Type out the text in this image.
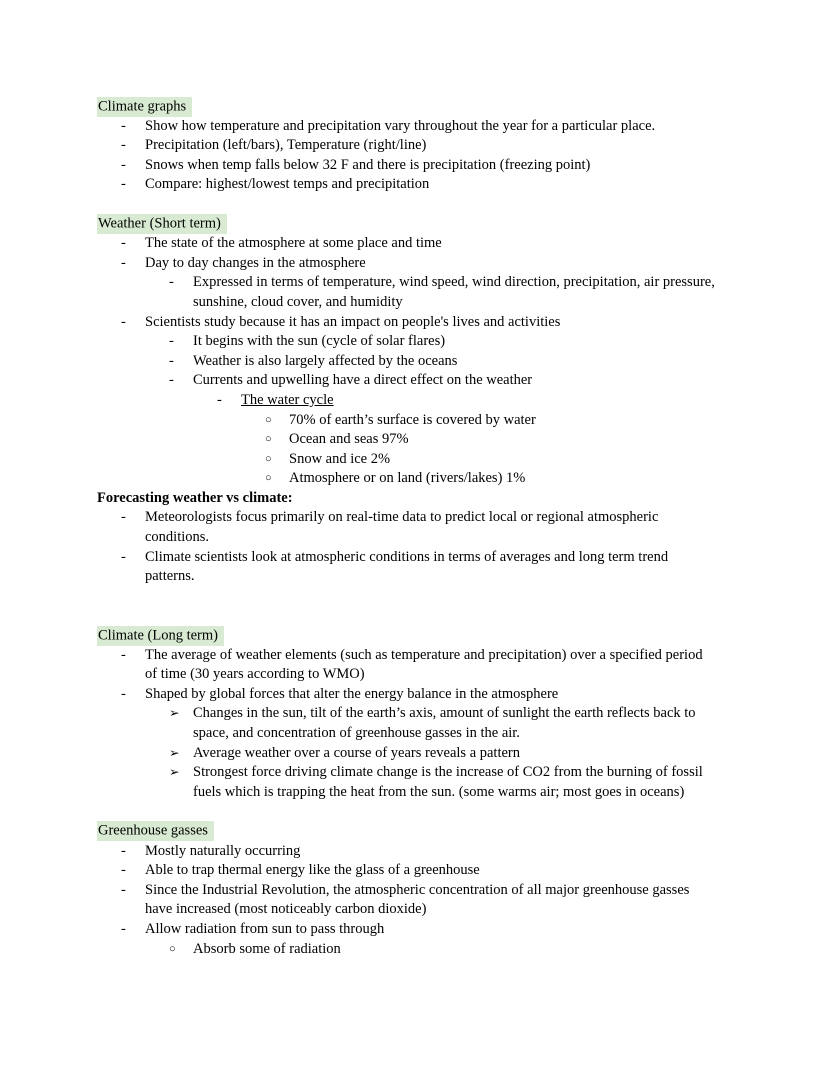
Climate graphs
- Show how temperature and precipitation vary throughout the year for a particular place.
- Precipitation (left/bars), Temperature (right/line)
- Snows when temp falls below 32 F and there is precipitation (freezing point)
- Compare: highest/lowest temps and precipitation
Weather (Short term)
- The state of the atmosphere at some place and time
- Day to day changes in the atmosphere
- Expressed in terms of temperature, wind speed, wind direction, precipitation, air pressure,
sunshine, cloud cover, and humidity
- Scientists study because it has an impact on people's lives and activities
- It begins with the sun (cycle of solar flares)
- Weather is also largely affected by the oceans
- Currents and upwelling have a direct effect on the weather
- The water cycle
○ 70% of earth’s surface is covered by water
○ Ocean and seas 97%
○ Snow and ice 2%
○ Atmosphere or on land (rivers/lakes) 1%
Forecasting weather vs climate:
- Meteorologists focus primarily on real-time data to predict local or regional atmospheric
conditions.
- Climate scientists look at atmospheric conditions in terms of averages and long term trend
patterns.
Climate (Long term)
- The average of weather elements (such as temperature and precipitation) over a specified period
of time (30 years according to WMO)
- Shaped by global forces that alter the energy balance in the atmosphere
➢ Changes in the sun, tilt of the earth’s axis, amount of sunlight the earth reflects back to
space, and concentration of greenhouse gasses in the air.
➢ Average weather over a course of years reveals a pattern
➢ Strongest force driving climate change is the increase of CO2 from the burning of fossil
fuels which is trapping the heat from the sun. (some warms air; most goes in oceans)
Greenhouse gasses
- Mostly naturally occurring
- Able to trap thermal energy like the glass of a greenhouse
- Since the Industrial Revolution, the atmospheric concentration of all major greenhouse gasses
have increased (most noticeably carbon dioxide)
- Allow radiation from sun to pass through
○ Absorb some of radiation
